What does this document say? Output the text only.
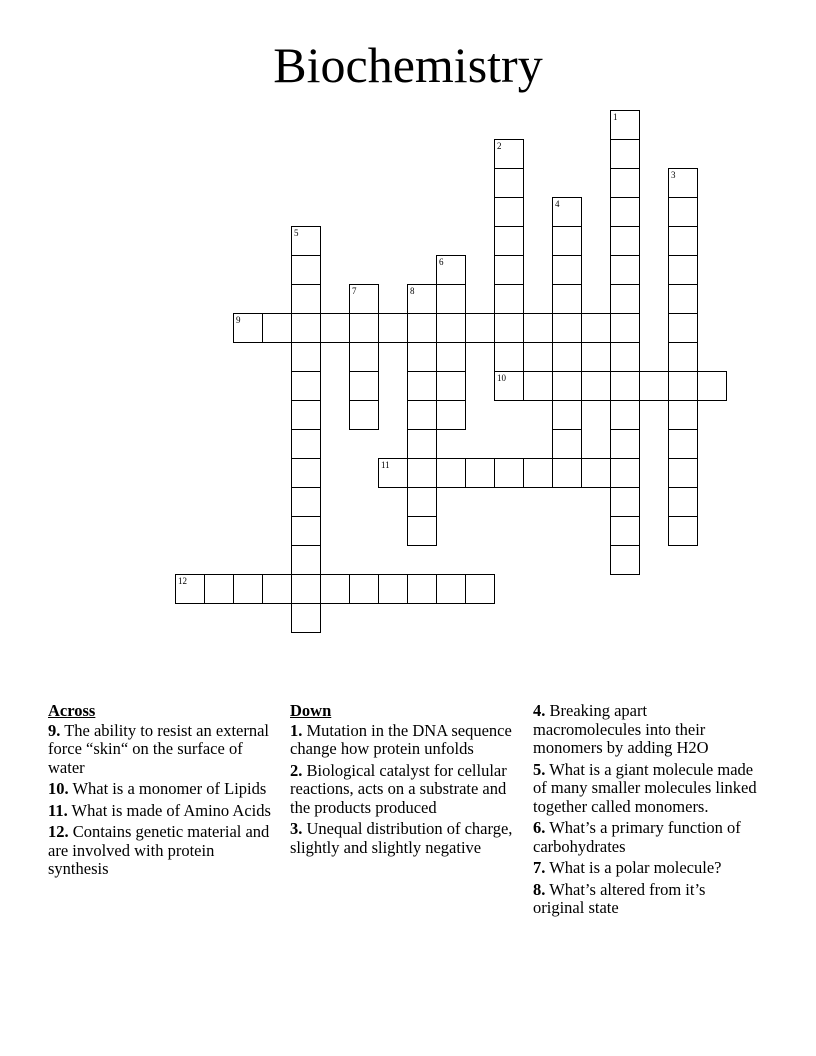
Biochemistry
1
2
3
4
5
6
7	8
9
10
11
12
Across
9. The ability to resist an external force “skin“ on the surface of water
10. What is a monomer of Lipids
11. What is made of Amino Acids
12. Contains genetic material and are involved with protein synthesis
Down
1. Mutation in the DNA sequence change how protein unfolds
2. Biological catalyst for cellular reactions, acts on a substrate and the products produced
3. Unequal distribution of charge, slightly and slightly negative
4. Breaking apart macromolecules into their monomers by adding H2O
5. What is a giant molecule made of many smaller molecules linked together called monomers.
6. What’s a primary function of carbohydrates
7. What is a polar molecule?
8. What’s altered from it’s original state
